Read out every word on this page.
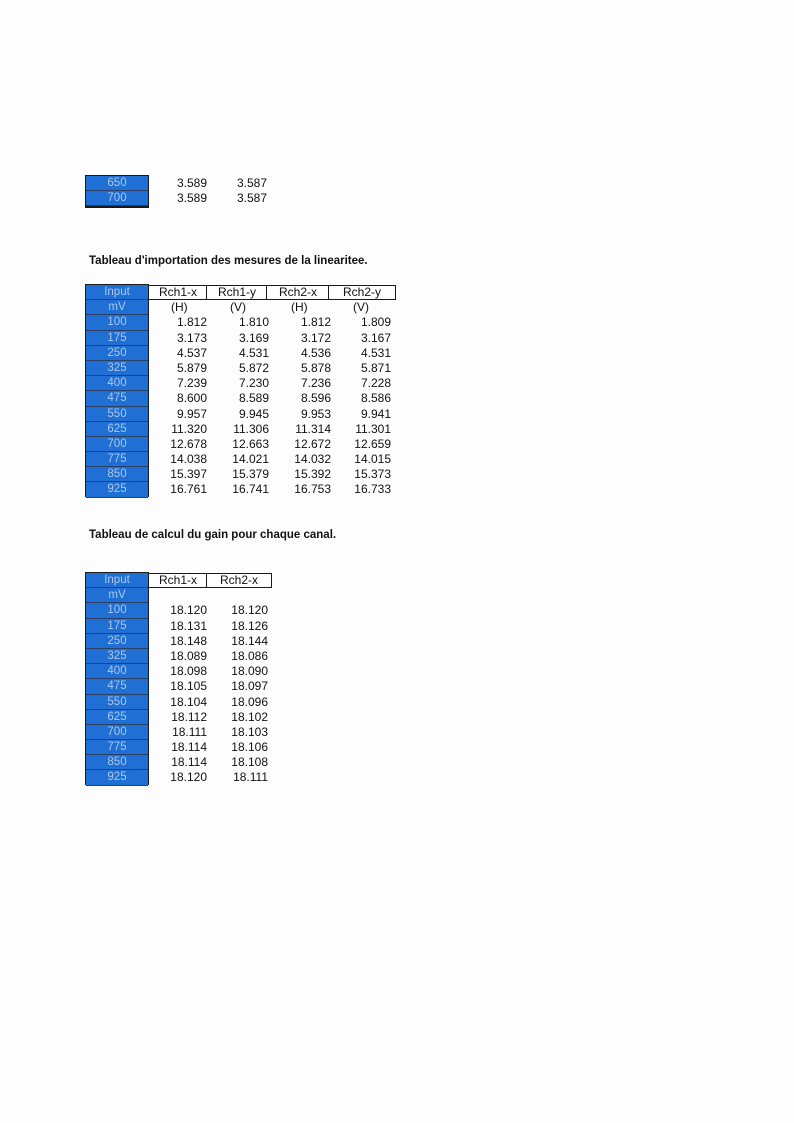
650	3.589	3.587
700	3.589	3.587
Tableau d'importation des mesures de la linearitee.
Input	Rch1-x	Rch1-y	Rch2-x	Rch2-y
mV	(H)	(V)	(H)	(V)
100	1.812	1.810	1.812	1.809
175	3.173	3.169	3.172	3.167
250	4.537	4.531	4.536	4.531
325	5.879	5.872	5.878	5.871
400	7.239	7.230	7.236	7.228
475	8.600	8.589	8.596	8.586
550	9.957	9.945	9.953	9.941
625	11.320	11.306	11.314	11.301
700	12.678	12.663	12.672	12.659
775	14.038	14.021	14.032	14.015
850	15.397	15.379	15.392	15.373
925	16.761	16.741	16.753	16.733
Tableau de calcul du gain pour chaque canal.
Input	Rch1-x	Rch2-x
mV
100	18.120	18.120
175	18.131	18.126
250	18.148	18.144
325	18.089	18.086
400	18.098	18.090
475	18.105	18.097
550	18.104	18.096
625	18.112	18.102
700	18.111	18.103
775	18.114	18.106
850	18.114	18.108
925	18.120	18.111
